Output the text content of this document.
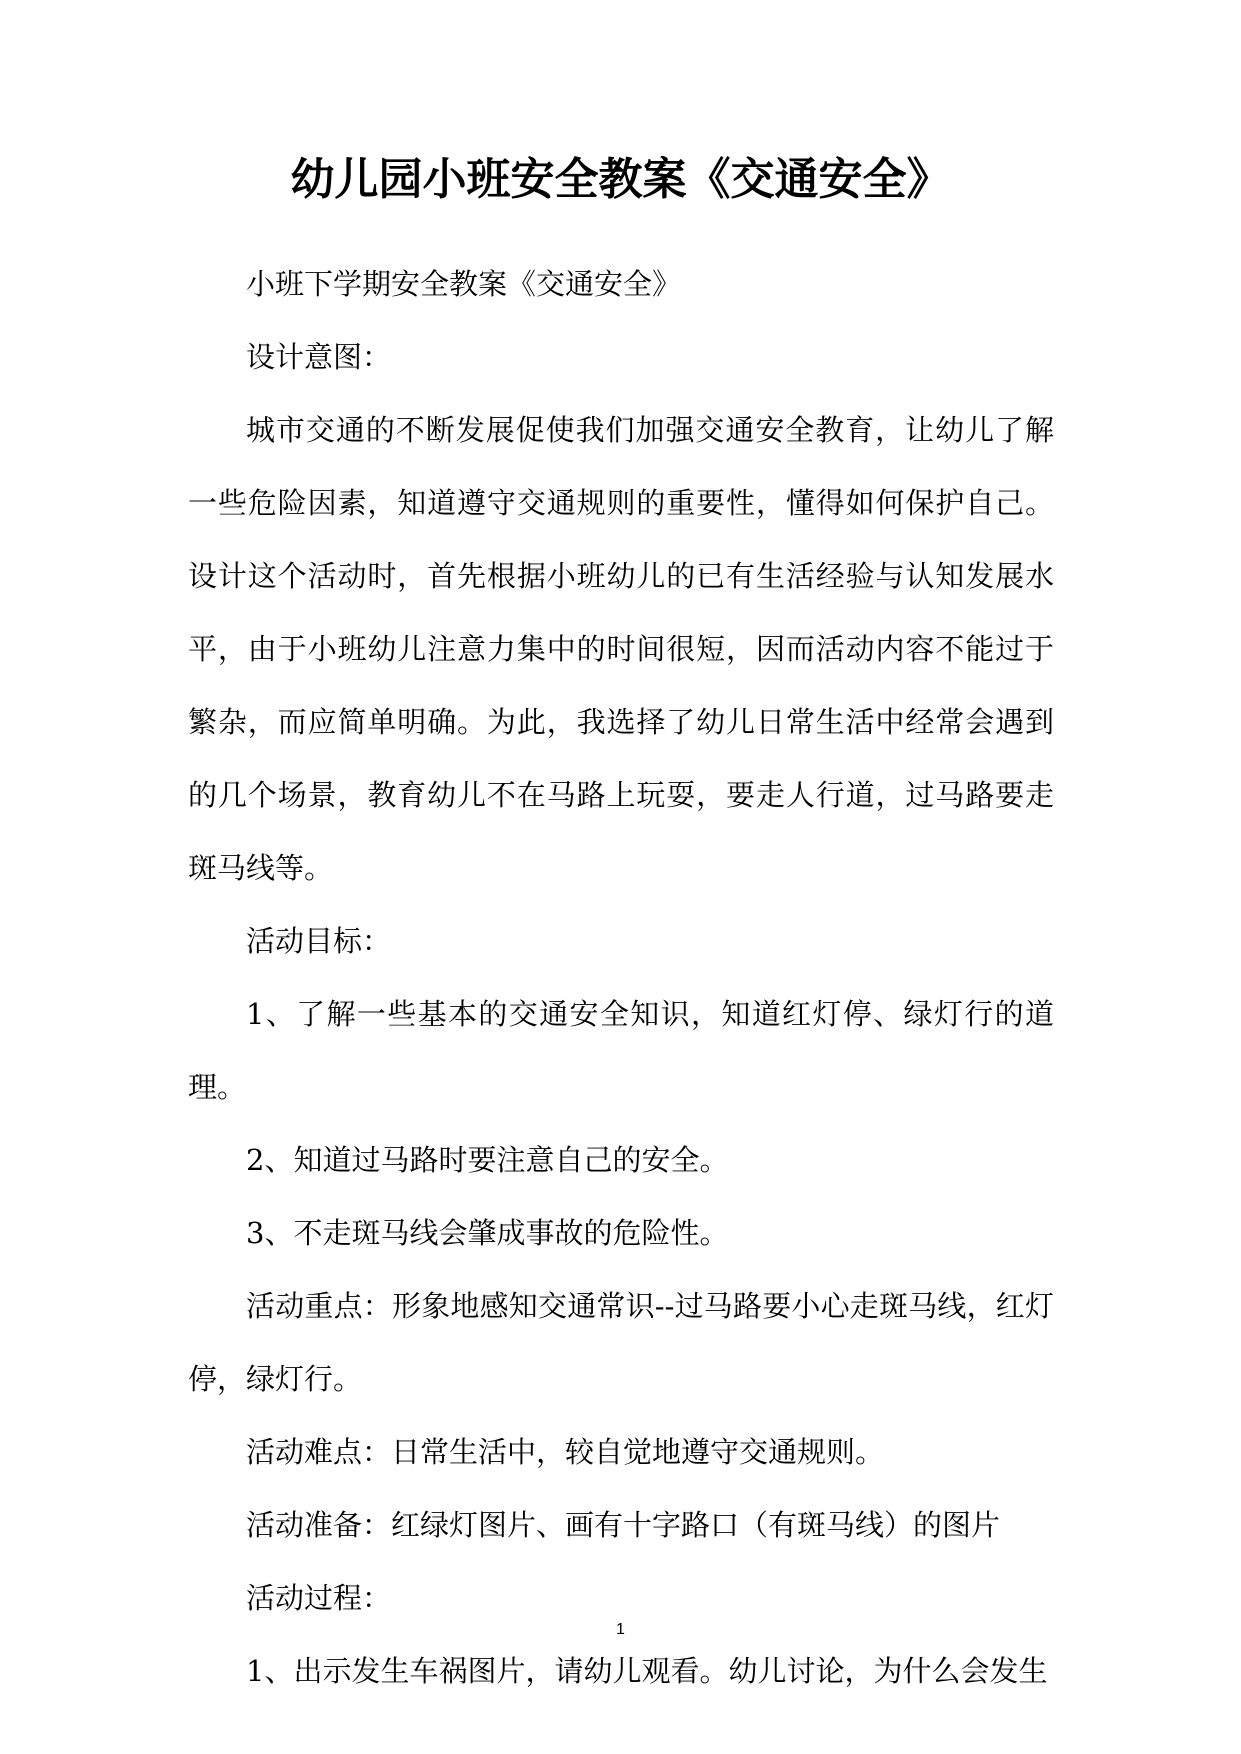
幼儿园小班安全教案《交通安全》

小班下学期安全教案《交通安全》

设计意图：

城市交通的不断发展促使我们加强交通安全教育，让幼儿了解一些危险因素，知道遵守交通规则的重要性，懂得如何保护自己。设计这个活动时，首先根据小班幼儿的已有生活经验与认知发展水平，由于小班幼儿注意力集中的时间很短，因而活动内容不能过于繁杂，而应简单明确。为此，我选择了幼儿日常生活中经常会遇到的几个场景，教育幼儿不在马路上玩耍，要走人行道，过马路要走斑马线等。

活动目标：

1、了解一些基本的交通安全知识，知道红灯停、绿灯行的道理。

2、知道过马路时要注意自己的安全。

3、不走斑马线会肇成事故的危险性。

活动重点：形象地感知交通常识--过马路要小心走斑马线，红灯停，绿灯行。

活动难点：日常生活中，较自觉地遵守交通规则。

活动准备：红绿灯图片、画有十字路口（有斑马线）的图片

活动过程：

1、出示发生车祸图片，请幼儿观看。幼儿讨论，为什么会发生

1
